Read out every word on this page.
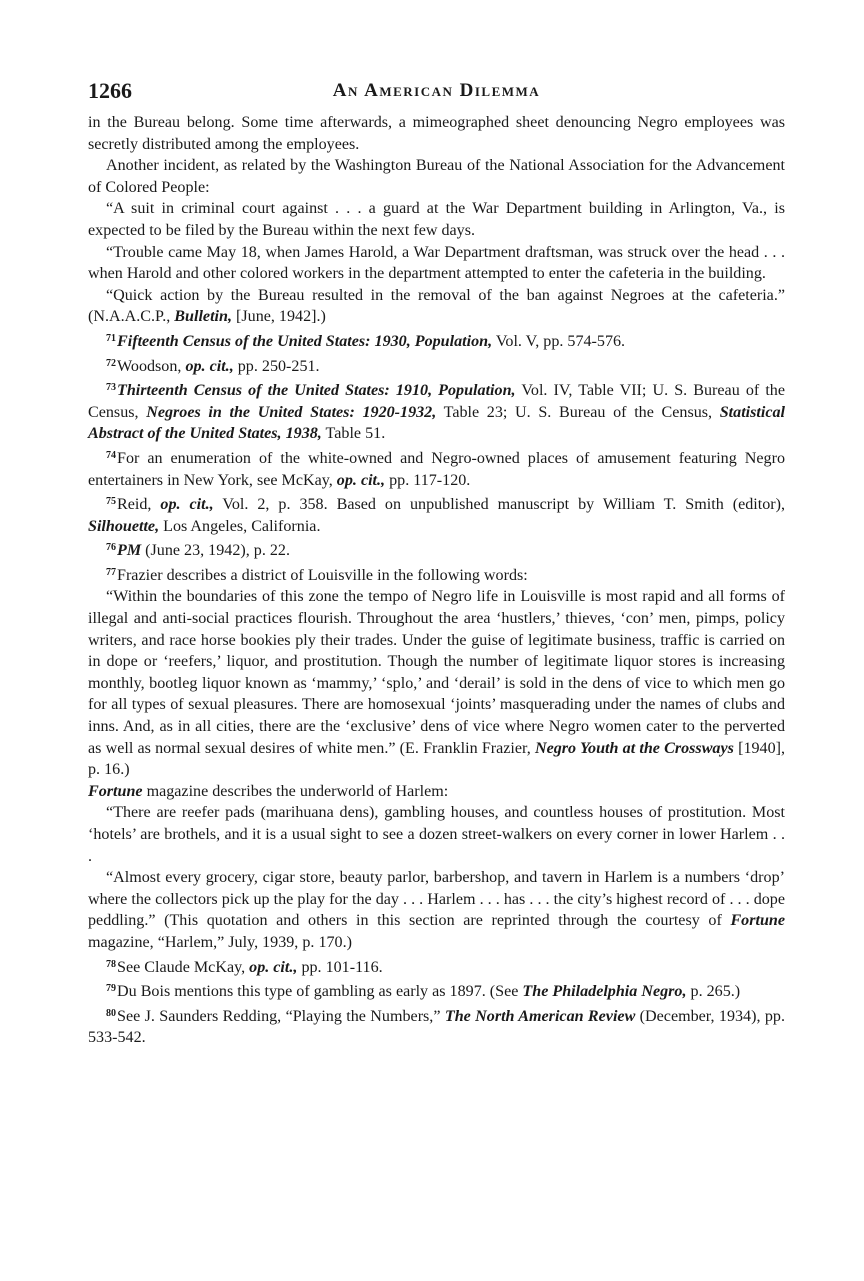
1266	An American Dilemma

in the Bureau belong. Some time afterwards, a mimeographed sheet denouncing Negro employees was secretly distributed among the employees.

Another incident, as related by the Washington Bureau of the National Association for the Advancement of Colored People:

“A suit in criminal court against . . . a guard at the War Department building in Arlington, Va., is expected to be filed by the Bureau within the next few days.

“Trouble came May 18, when James Harold, a War Department draftsman, was struck over the head . . . when Harold and other colored workers in the department attempted to enter the cafeteria in the building.

“Quick action by the Bureau resulted in the removal of the ban against Negroes at the cafeteria.” (N.A.A.C.P., Bulletin, [June, 1942].)

$^{71}$Fifteenth Census of the United States: 1930, Population, Vol. V, pp. 574-576.

$^{72}$Woodson, op. cit., pp. 250-251.

$^{73}$Thirteenth Census of the United States: 1910, Population, Vol. IV, Table VII; U. S. Bureau of the Census, Negroes in the United States: 1920-1932, Table 23; U. S. Bureau of the Census, Statistical Abstract of the United States, 1938, Table 51.

$^{74}$For an enumeration of the white-owned and Negro-owned places of amusement featuring Negro entertainers in New York, see McKay, op. cit., pp. 117-120.

$^{75}$Reid, op. cit., Vol. 2, p. 358. Based on unpublished manuscript by William T. Smith (editor), Silhouette, Los Angeles, California.

$^{76}$PM (June 23, 1942), p. 22.

$^{77}$Frazier describes a district of Louisville in the following words:

“Within the boundaries of this zone the tempo of Negro life in Louisville is most rapid and all forms of illegal and anti-social practices flourish. Throughout the area ‘hustlers,’ thieves, ‘con’ men, pimps, policy writers, and race horse bookies ply their trades. Under the guise of legitimate business, traffic is carried on in dope or ‘reefers,’ liquor, and prostitution. Though the number of legitimate liquor stores is increasing monthly, bootleg liquor known as ‘mammy,’ ‘splo,’ and ‘derail’ is sold in the dens of vice to which men go for all types of sexual pleasures. There are homosexual ‘joints’ masquerading under the names of clubs and inns. And, as in all cities, there are the ‘exclusive’ dens of vice where Negro women cater to the perverted as well as normal sexual desires of white men.” (E. Franklin Frazier, Negro Youth at the Crossways [1940], p. 16.)

Fortune magazine describes the underworld of Harlem:

“There are reefer pads (marihuana dens), gambling houses, and countless houses of prostitution. Most ‘hotels’ are brothels, and it is a usual sight to see a dozen street-walkers on every corner in lower Harlem . . .

“Almost every grocery, cigar store, beauty parlor, barbershop, and tavern in Harlem is a numbers ‘drop’ where the collectors pick up the play for the day . . . Harlem . . . has . . . the city’s highest record of . . . dope peddling.” (This quotation and others in this section are reprinted through the courtesy of Fortune magazine, “Harlem,” July, 1939, p. 170.)

$^{78}$See Claude McKay, op. cit., pp. 101-116.

$^{79}$Du Bois mentions this type of gambling as early as 1897. (See The Philadelphia Negro, p. 265.)

$^{80}$See J. Saunders Redding, “Playing the Numbers,” The North American Review (December, 1934), pp. 533-542.
